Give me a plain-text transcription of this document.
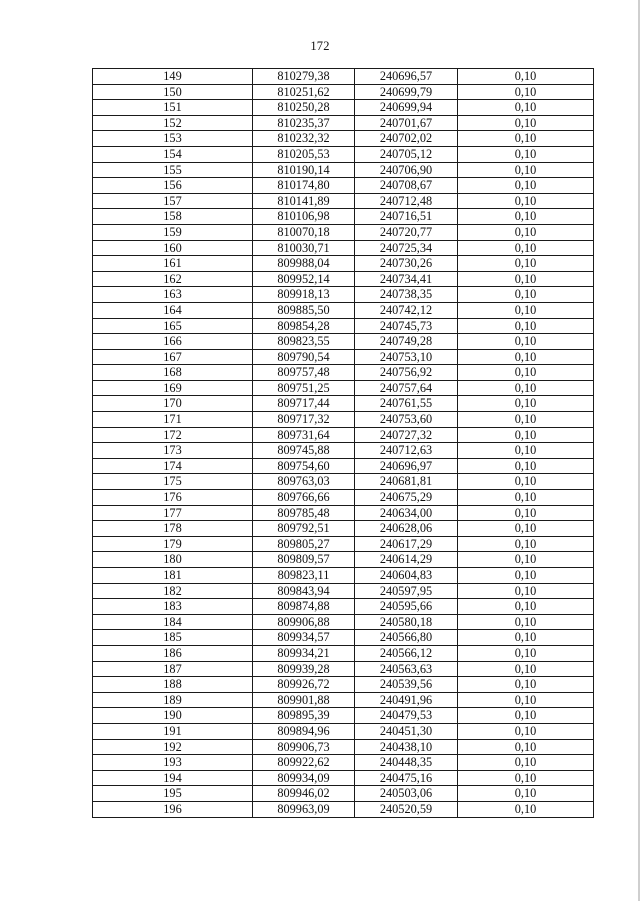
172
149	810279,38	240696,57	0,10
150	810251,62	240699,79	0,10
151	810250,28	240699,94	0,10
152	810235,37	240701,67	0,10
153	810232,32	240702,02	0,10
154	810205,53	240705,12	0,10
155	810190,14	240706,90	0,10
156	810174,80	240708,67	0,10
157	810141,89	240712,48	0,10
158	810106,98	240716,51	0,10
159	810070,18	240720,77	0,10
160	810030,71	240725,34	0,10
161	809988,04	240730,26	0,10
162	809952,14	240734,41	0,10
163	809918,13	240738,35	0,10
164	809885,50	240742,12	0,10
165	809854,28	240745,73	0,10
166	809823,55	240749,28	0,10
167	809790,54	240753,10	0,10
168	809757,48	240756,92	0,10
169	809751,25	240757,64	0,10
170	809717,44	240761,55	0,10
171	809717,32	240753,60	0,10
172	809731,64	240727,32	0,10
173	809745,88	240712,63	0,10
174	809754,60	240696,97	0,10
175	809763,03	240681,81	0,10
176	809766,66	240675,29	0,10
177	809785,48	240634,00	0,10
178	809792,51	240628,06	0,10
179	809805,27	240617,29	0,10
180	809809,57	240614,29	0,10
181	809823,11	240604,83	0,10
182	809843,94	240597,95	0,10
183	809874,88	240595,66	0,10
184	809906,88	240580,18	0,10
185	809934,57	240566,80	0,10
186	809934,21	240566,12	0,10
187	809939,28	240563,63	0,10
188	809926,72	240539,56	0,10
189	809901,88	240491,96	0,10
190	809895,39	240479,53	0,10
191	809894,96	240451,30	0,10
192	809906,73	240438,10	0,10
193	809922,62	240448,35	0,10
194	809934,09	240475,16	0,10
195	809946,02	240503,06	0,10
196	809963,09	240520,59	0,10
